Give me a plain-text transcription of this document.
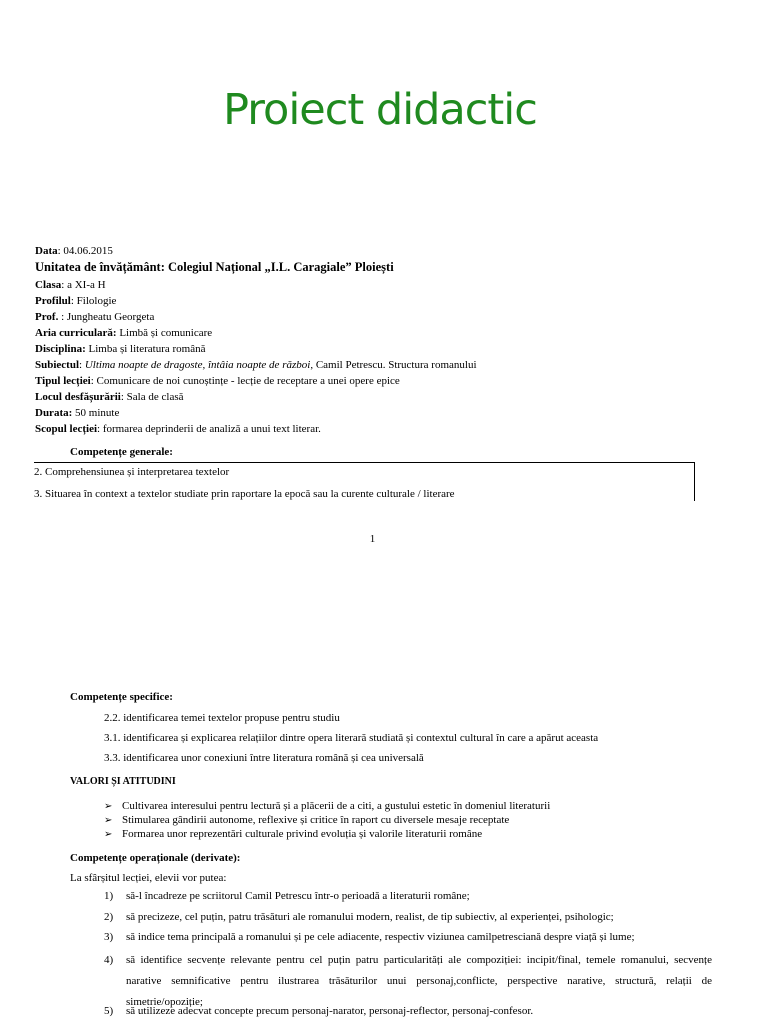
Proiect didactic
Data: 04.06.2015
Unitatea de învățământ: Colegiul Național „I.L. Caragiale” Ploiești
Clasa: a XI-a H
Profilul: Filologie
Prof. : Jungheatu Georgeta
Aria curriculară: Limbă și comunicare
Disciplina: Limba și literatura română
Subiectul: Ultima noapte de dragoste, întâia noapte de război, Camil Petrescu. Structura romanului
Tipul lecției: Comunicare de noi cunoștințe - lecție de receptare a unei opere epice
Locul desfășurării: Sala de clasă
Durata: 50 minute
Scopul lecției: formarea deprinderii de analiză a unui text literar.
Competențe generale:
2. Comprehensiunea și interpretarea textelor
3. Situarea în context a textelor studiate prin raportare la epocă sau la curente culturale / literare
1
Competențe specifice:
2.2. identificarea temei textelor propuse pentru studiu
3.1. identificarea și explicarea relațiilor dintre opera literară studiată și contextul cultural în care a apărut aceasta
3.3. identificarea unor conexiuni între literatura română și cea universală
VALORI ȘI ATITUDINI
➢ Cultivarea interesului pentru lectură și a plăcerii de a citi, a gustului estetic în domeniul literaturii
➢ Stimularea gândirii autonome, reflexive și critice în raport cu diversele mesaje receptate
➢ Formarea unor reprezentări culturale privind evoluția și valorile literaturii române
Competențe operaționale (derivate):
La sfârșitul lecției, elevii vor putea:
1)	să-l încadreze pe scriitorul Camil Petrescu într-o perioadă a literaturii române;
2)	să precizeze, cel puțin, patru trăsături ale romanului modern, realist, de tip subiectiv, al experienței, psihologic;
3)	să indice tema principală a romanului și pe cele adiacente, respectiv viziunea camilpetresciană despre viață și lume;
4)	să identifice secvențe relevante pentru cel puțin patru particularități ale compoziției: incipit/final, temele romanului, secvențe narative semnificative pentru ilustrarea trăsăturilor unui personaj,conflicte, perspective narative, structură, relații de simetrie/opoziție;
5)	să utilizeze adecvat concepte precum personaj-narator, personaj-reflector, personaj-confesor.
